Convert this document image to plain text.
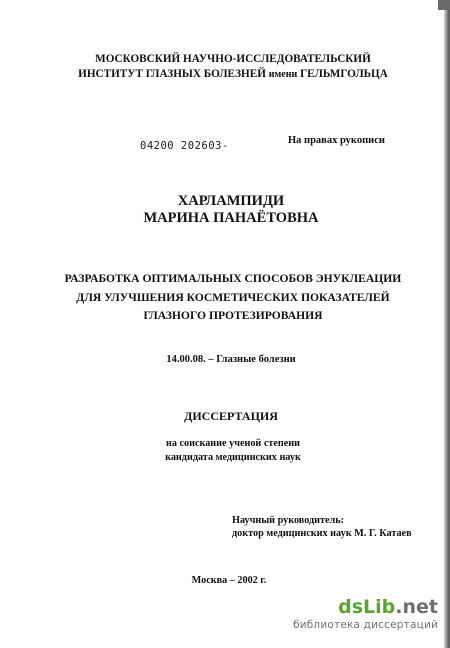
МОСКОВСКИЙ НАУЧНО-ИССЛЕДОВАТЕЛЬСКИЙ
ИНСТИТУТ ГЛАЗНЫХ БОЛЕЗНЕЙ имени ГЕЛЬМГОЛЬЦА
04200 202603-	На правах рукописи
ХАРЛАМПИДИ
МАРИНА ПАНАЁТОВНА
РАЗРАБОТКА ОПТИМАЛЬНЫХ СПОСОБОВ ЭНУКЛЕАЦИИ
ДЛЯ УЛУЧШЕНИЯ КОСМЕТИЧЕСКИХ ПОКАЗАТЕЛЕЙ
ГЛАЗНОГО ПРОТЕЗИРОВАНИЯ
14.00.08. – Глазные болезни
ДИССЕРТАЦИЯ
на соискание ученой степени
кандидата медицинских наук
Научный руководитель:
доктор медицинских наук М. Г. Катаев
Москва – 2002 г.
dsLib.net
библиотека диссертаций
